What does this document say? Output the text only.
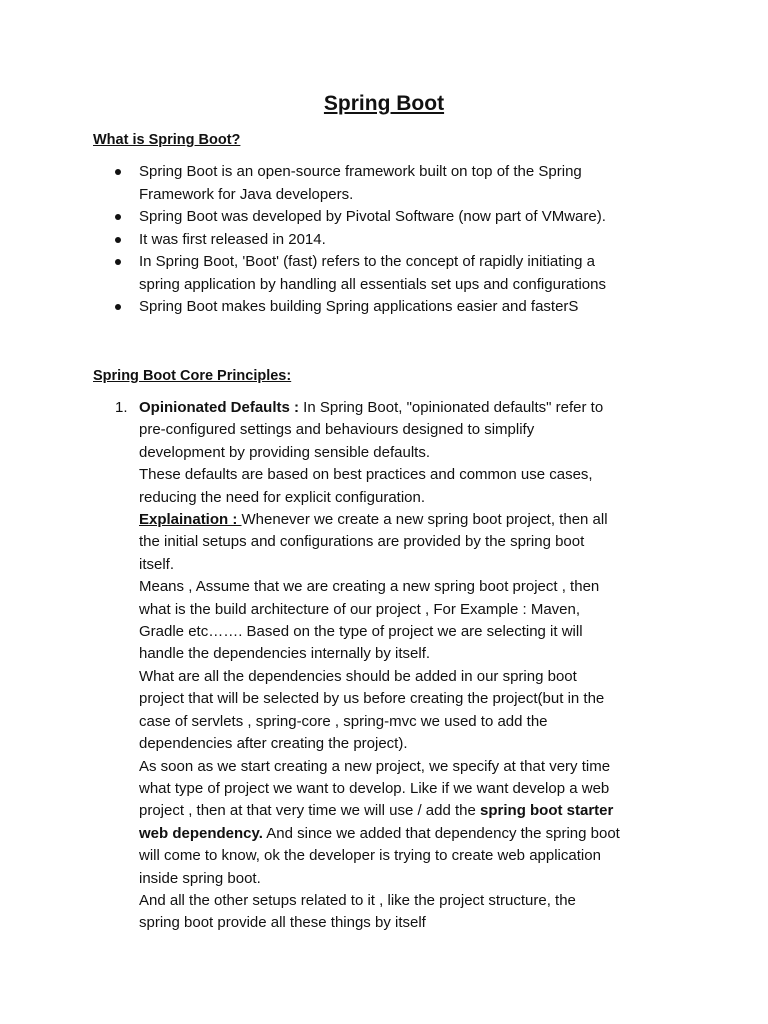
Spring Boot
What is Spring Boot?
Spring Boot is an open-source framework built on top of the Spring
Framework for Java developers.
Spring Boot was developed by Pivotal Software (now part of VMware).
It was first released in 2014.
In Spring Boot, 'Boot' (fast) refers to the concept of rapidly initiating a
spring application by handling all essentials set ups and configurations
Spring Boot makes building Spring applications easier and fasterS
Spring Boot Core Principles:
1. Opinionated Defaults : In Spring Boot, "opinionated defaults" refer to
pre-configured settings and behaviours designed to simplify
development by providing sensible defaults.
These defaults are based on best practices and common use cases,
reducing the need for explicit configuration.
Explaination : Whenever we create a new spring boot project, then all
the initial setups and configurations are provided by the spring boot
itself.
Means , Assume that we are creating a new spring boot project , then
what is the build architecture of our project , For Example : Maven,
Gradle etc……. Based on the type of project we are selecting it will
handle the dependencies internally by itself.
What are all the dependencies should be added in our spring boot
project that will be selected by us before creating the project(but in the
case of servlets , spring-core , spring-mvc we used to add the
dependencies after creating the project).
As soon as we start creating a new project, we specify at that very time
what type of project we want to develop. Like if we want develop a web
project , then at that very time we will use / add the spring boot starter
web dependency. And since we added that dependency the spring boot
will come to know, ok the developer is trying to create web application
inside spring boot.
And all the other setups related to it , like the project structure, the
spring boot provide all these things by itself
